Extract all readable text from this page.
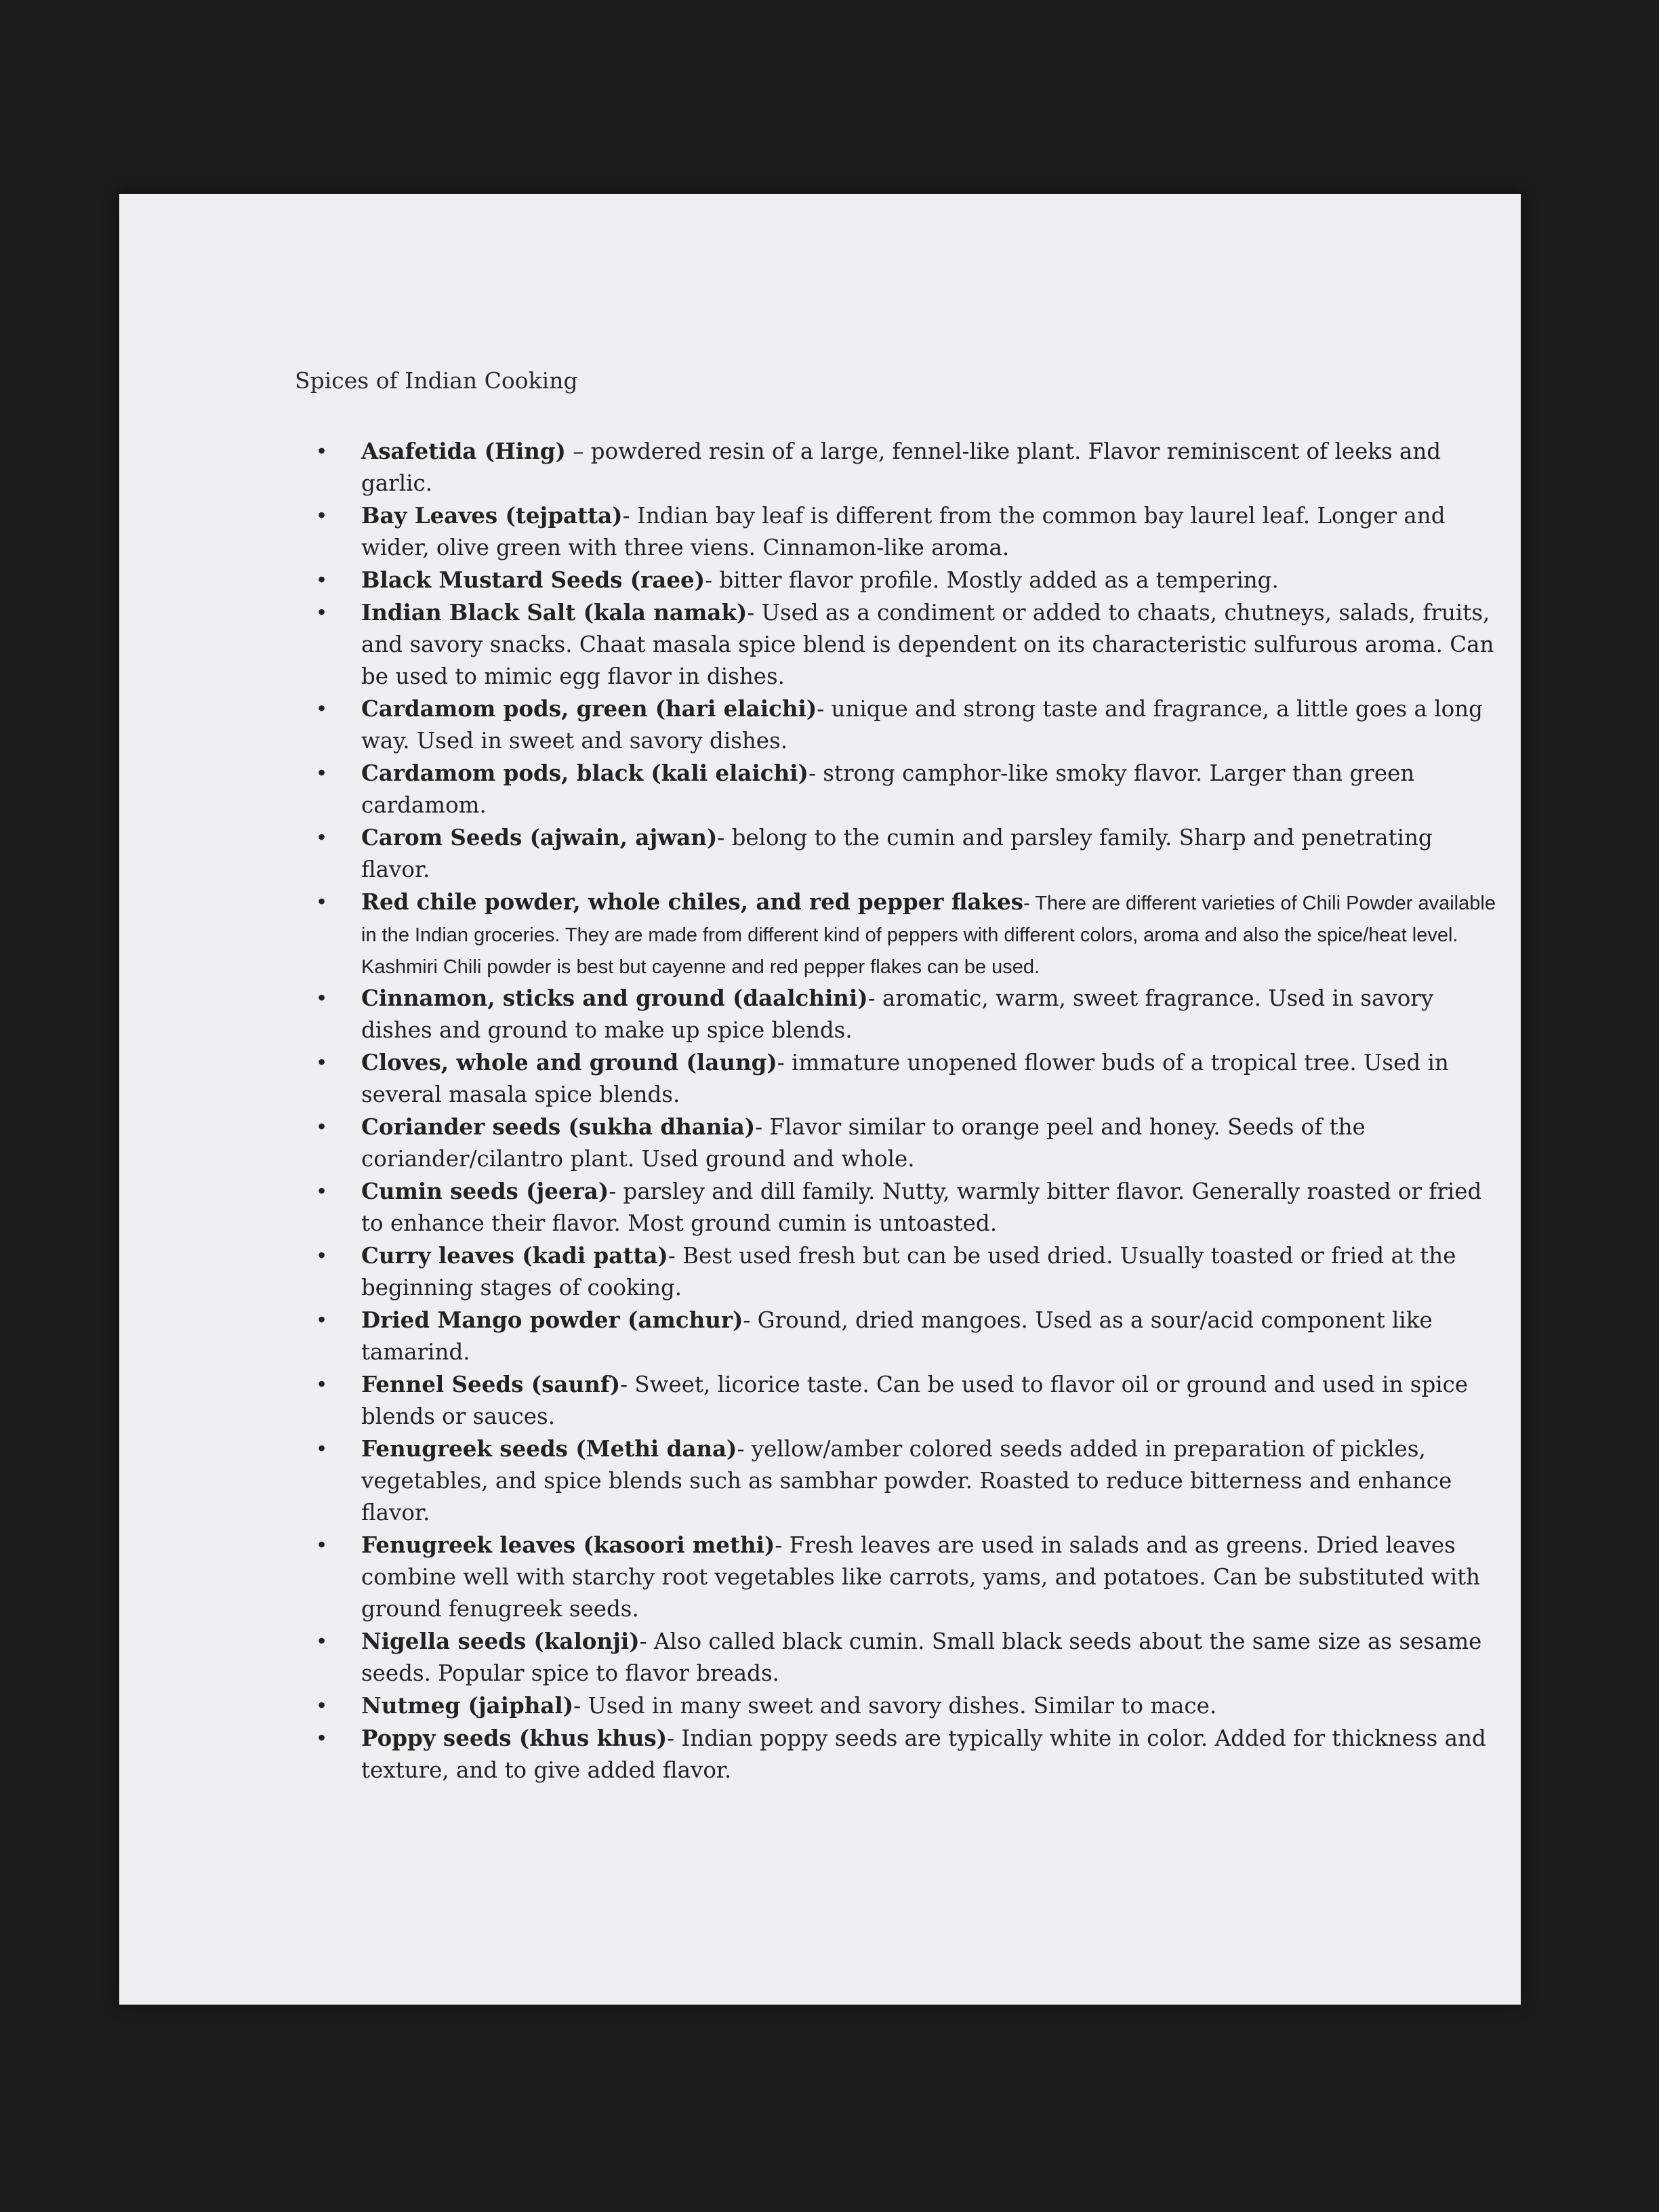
Spices of Indian Cooking
• Asafetida (Hing) – powdered resin of a large, fennel-like plant. Flavor reminiscent of leeks and garlic.
• Bay Leaves (tejpatta)- Indian bay leaf is different from the common bay laurel leaf. Longer and wider, olive green with three viens. Cinnamon-like aroma.
• Black Mustard Seeds (raee)- bitter flavor profile. Mostly added as a tempering.
• Indian Black Salt (kala namak)- Used as a condiment or added to chaats, chutneys, salads, fruits, and savory snacks. Chaat masala spice blend is dependent on its characteristic sulfurous aroma. Can be used to mimic egg flavor in dishes.
• Cardamom pods, green (hari elaichi)- unique and strong taste and fragrance, a little goes a long way. Used in sweet and savory dishes.
• Cardamom pods, black (kali elaichi)- strong camphor-like smoky flavor. Larger than green cardamom.
• Carom Seeds (ajwain, ajwan)- belong to the cumin and parsley family. Sharp and penetrating flavor.
• Red chile powder, whole chiles, and red pepper flakes- There are different varieties of Chili Powder available in the Indian groceries. They are made from different kind of peppers with different colors, aroma and also the spice/heat level. Kashmiri Chili powder is best but cayenne and red pepper flakes can be used.
• Cinnamon, sticks and ground (daalchini)- aromatic, warm, sweet fragrance. Used in savory dishes and ground to make up spice blends.
• Cloves, whole and ground (laung)- immature unopened flower buds of a tropical tree. Used in several masala spice blends.
• Coriander seeds (sukha dhania)- Flavor similar to orange peel and honey. Seeds of the coriander/cilantro plant. Used ground and whole.
• Cumin seeds (jeera)- parsley and dill family. Nutty, warmly bitter flavor. Generally roasted or fried to enhance their flavor. Most ground cumin is untoasted.
• Curry leaves (kadi patta)- Best used fresh but can be used dried. Usually toasted or fried at the beginning stages of cooking.
• Dried Mango powder (amchur)- Ground, dried mangoes. Used as a sour/acid component like tamarind.
• Fennel Seeds (saunf)- Sweet, licorice taste. Can be used to flavor oil or ground and used in spice blends or sauces.
• Fenugreek seeds (Methi dana)- yellow/amber colored seeds added in preparation of pickles, vegetables, and spice blends such as sambhar powder. Roasted to reduce bitterness and enhance flavor.
• Fenugreek leaves (kasoori methi)- Fresh leaves are used in salads and as greens. Dried leaves combine well with starchy root vegetables like carrots, yams, and potatoes. Can be substituted with ground fenugreek seeds.
• Nigella seeds (kalonji)- Also called black cumin. Small black seeds about the same size as sesame seeds. Popular spice to flavor breads.
• Nutmeg (jaiphal)- Used in many sweet and savory dishes. Similar to mace.
• Poppy seeds (khus khus)- Indian poppy seeds are typically white in color. Added for thickness and texture, and to give added flavor.
